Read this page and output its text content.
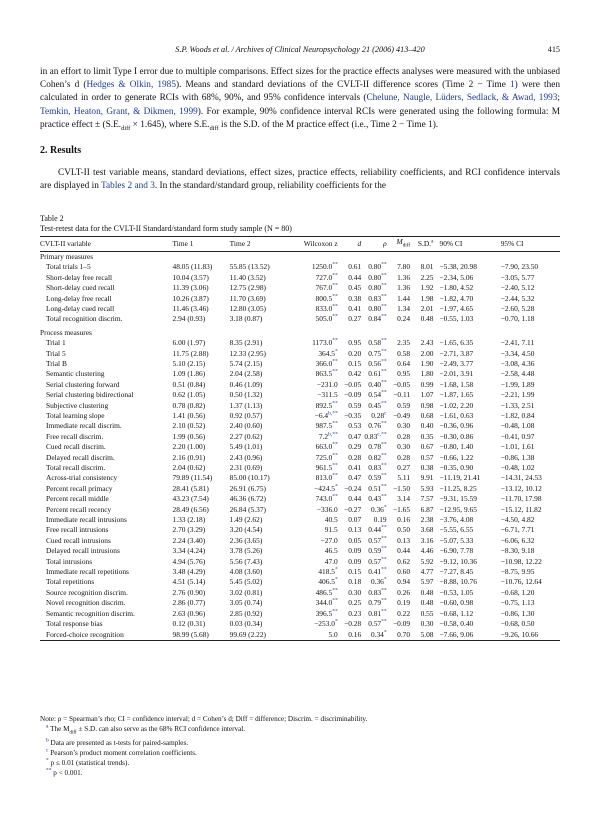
S.P. Woods et al. / Archives of Clinical Neuropsychology 21 (2006) 413–420	415

in an effort to limit Type I error due to multiple comparisons. Effect sizes for the practice effects analyses were measured with the unbiased Cohen’s d (Hedges & Olkin, 1985). Means and standard deviations of the CVLT-II difference scores (Time 2 − Time 1) were then calculated in order to generate RCIs with 68%, 90%, and 95% confidence intervals (Chelune, Naugle, Lüders, Sedlack, & Awad, 1993; Temkin, Heaton, Grant, & Dikmen, 1999). For example, 90% confidence interval RCIs were generated using the following formula: M practice effect ± $(S.E._{diff} \times 1.645)$, where $S.E._{diff}$ is the S.D. of the M practice effect (i.e., Time 2 − Time 1).

2. Results

CVLT-II test variable means, standard deviations, effect sizes, practice effects, reliability coefficients, and RCI confidence intervals are displayed in Tables 2 and 3. In the standard/standard group, reliability coefficients for the

Table 2
Test-retest data for the CVLT-II Standard/standard form study sample (N = 80)
CVLT-II variable	Time 1	Time 2	Wilcoxon z	d	ρ	$M_{diff}$	S.D.$^a$	90% CI	95% CI
Primary measures									
Total trials 1–5	48.05 (11.83)	55.85 (13.52)	1250.0**	0.61	0.80**	7.80	8.01	−5.38, 20.98	−7.90, 23.50
Short-delay free recall	10.04 (3.57)	11.40 (3.52)	727.0**	0.44	0.80**	1.36	2.25	−2.34, 5.06	−3.05, 5.77
Short-delay cued recall	11.39 (3.06)	12.75 (2.98)	767.0**	0.45	0.80**	1.36	1.92	−1.80, 4.52	−2.40, 5.12
Long-delay free recall	10.26 (3.87)	11.70 (3.69)	800.5**	0.38	0.83**	1.44	1.98	−1.82, 4.70	−2.44, 5.32
Long-delay cued recall	11.46 (3.46)	12.80 (3.05)	833.0**	0.41	0.80**	1.34	2.01	−1.97, 4.65	−2.60, 5.28
Total recognition discrim.	2.94 (0.93)	3.18 (0.87)	505.0**	0.27	0.84**	0.24	0.48	−0.55, 1.03	−0.70, 1.18
Process measures									
Trial 1	6.00 (1.97)	8.35 (2.91)	1173.0**	0.95	0.58**	2.35	2.43	−1.65, 6.35	−2.41, 7.11
Trial 5	11.75 (2.88)	12.33 (2.95)	364.5*	0.20	0.75**	0.58	2.00	−2.71, 3.87	−3.34, 4.50
Trial B	5.10 (2.15)	5.74 (2.15)	366.0**	0.15	0.56**	0.64	1.90	−2.49, 3.77	−3.08, 4.36
Semantic clustering	1.09 (1.86)	2.04 (2.58)	863.5**	0.42	0.61**	0.95	1.80	−2.01, 3.91	−2.58, 4.48
Serial clustering forward	0.51 (0.84)	0.46 (1.09)	−231.0	−0.05	0.40**	−0.05	0.99	−1.68, 1.58	−1.99, 1.89
Serial clustering bidirectional	0.62 (1.05)	0.50 (1.32)	−311.5	−0.09	0.54**	−0.11	1.07	−1.87, 1.65	−2.21, 1.99
Subjective clustering	0.78 (0.82)	1.37 (1.13)	892.5**	0.59	0.45**	0.59	0.98	−1.02, 2.20	−1.33, 2.51
Total learning slope	1.41 (0.56)	0.92 (0.57)	$-6.4^{b,**}$	−0.35	0.28$^c$	−0.49	0.68	−1.61, 0.63	−1.82, 0.84
Immediate recall discrim.	2.10 (0.52)	2.40 (0.60)	987.5**	0.53	0.76**	0.30	0.40	−0.36, 0.96	−0.48, 1.08
Free recall discrim.	1.99 (0.56)	2.27 (0.62)	$7.2^{b,**}$	0.47	$0.83^{c,**}$	0.28	0.35	−0.30, 0.86	−0.41, 0.97
Cued recall discrim.	2.20 (1.00)	5.49 (1.01)	663.0**	0.29	0.78**	0.30	0.67	−0.80, 1.40	−1.01, 1.61
Delayed recall discrim.	2.16 (0.91)	2.43 (0.96)	725.0**	0.28	0.82**	0.28	0.57	−0.66, 1.22	−0.86, 1.38
Total recall discrim.	2.04 (0.62)	2.31 (0.69)	961.5**	0.41	0.83**	0.27	0.38	−0.35, 0.90	−0.48, 1.02
Across-trial consistency	79.89 (11.54)	85.00 (10.17)	813.0**	0.47	0.59**	5.11	9.91	−11.19, 21.41	−14.31, 24.53
Percent recall primacy	28.41 (5.81)	26.91 (6.75)	−424.5*	−0.24	0.51**	−1.50	5.93	−11.25, 8.25	−13.12, 10.12
Percent recall middle	43.23 (7.54)	46.36 (6.72)	743.0**	0.44	0.43**	3.14	7.57	−9.31, 15.59	−11.70, 17.98
Percent recall recency	28.49 (6.56)	26.84 (5.37)	−336.0	−0.27	0.36*	−1.65	6.87	−12.95, 9.65	−15.12, 11.82
Immediate recall intrusions	1.33 (2.18)	1.49 (2.62)	40.5	0.07	0.19	0.16	2.38	−3.76, 4.08	−4.50, 4.82
Free recall intrusions	2.70 (3.29)	3.20 (4.54)	91.5	0.13	0.44**	0.50	3.68	−5.55, 6.55	−6.71, 7.71
Cued recall intrusions	2.24 (3.40)	2.36 (3.65)	−27.0	0.05	0.57**	0.13	3.16	−5.07, 5.33	−6.06, 6.32
Delayed recall intrusions	3.34 (4.24)	3.78 (5.26)	46.5	0.09	0.59**	0.44	4.46	−6.90, 7.78	−8.30, 9.18
Total intrusions	4.94 (5.76)	5.56 (7.43)	47.0	0.09	0.57**	0.62	5.92	−9.12, 10.36	−10.98, 12.22
Immediate recall repetitions	3.48 (4.29)	4.08 (3.60)	418.5*	0.15	0.41**	0.60	4.77	−7.27, 8.45	−8.75, 9.95
Total repetitions	4.51 (5.14)	5.45 (5.02)	406.5*	0.18	0.36*	0.94	5.97	−8.88, 10.76	−10.76, 12.64
Source recognition discrim.	2.76 (0.90)	3.02 (0.81)	486.5**	0.30	0.83**	0.26	0.48	−0.53, 1.05	−0.68, 1.20
Novel recognition discrim.	2.86 (0.77)	3.05 (0.74)	344.0**	0.25	0.79**	0.19	0.48	−0.60, 0.98	−0.75, 1.13
Semantic recognition discrim.	2.63 (0.96)	2.85 (0.92)	396.5**	0.23	0.81**	0.22	0.55	−0.68, 1.12	−0.86, 1.30
Total response bias	0.12 (0.31)	0.03 (0.34)	−253.0*	−0.28	0.57**	−0.09	0.30	−0.58, 0.40	−0.68, 0.50
Forced-choice recognition	98.99 (5.68)	99.69 (2.22)	5.0	0.16	0.34*	0.70	5.08	−7.66, 9.06	−9.26, 10.66

Note: ρ = Spearman’s rho; CI = confidence interval; d = Cohen’s d; Diff = difference; Discrim. = discriminability.

$^a$ The $M_{diff} \pm S.D$. can also serve as the 68% RCI confidence interval.

$^b$ Data are presented as t-tests for paired-samples.

$^c$ Pearson’s product moment correlation coefficients.

* p ≤ 0.01 (statistical trends).

** p < 0.001.
